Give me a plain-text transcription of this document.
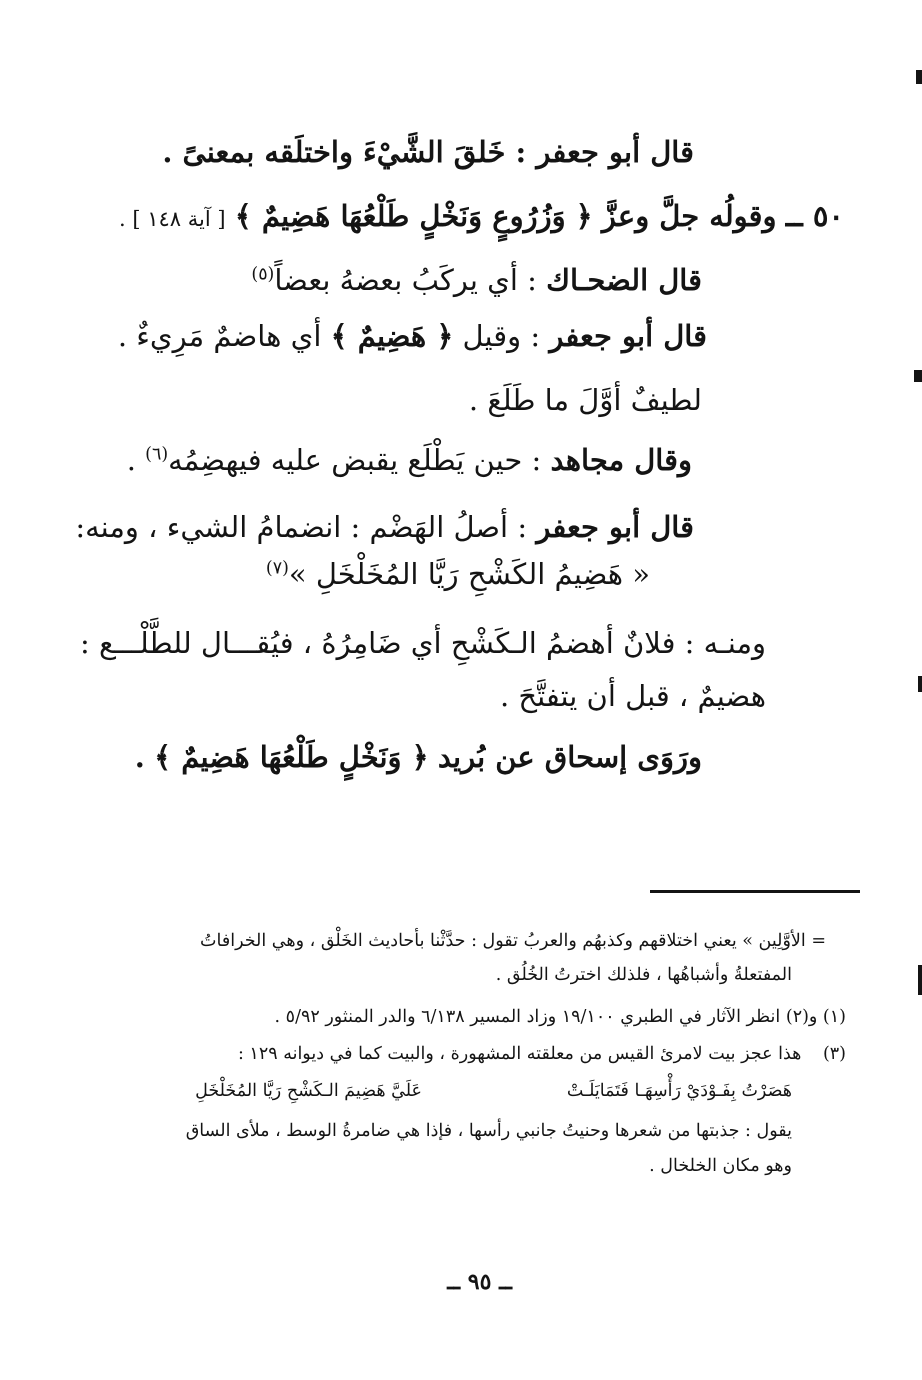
قال أبو جعفر : خَلقَ الشَّيْءَ واختلَقه بمعنىً .
٥٠ ــ وقولُه جلَّ وعزَّ ﴿ وَزُرُوعٍ وَنَخْلٍ طَلْعُهَا هَضِيمٌ ﴾ [ آية ١٤٨ ] .
قال الضحـاك : أي يركَبُ بعضهُ بعضاً$^{(٥)}$
قال أبو جعفر : وقيل ﴿ هَضِيمٌ ﴾ أي هاضمٌ مَرِيءٌ .
لطيفٌ أوَّلَ ما طَلَعَ .
وقال مجاهد : حين يَطْلَع يقبض عليه فيهضِمُه$^{(٦)}$ .
قال أبو جعفر : أصلُ الهَضْم : انضمامُ الشيء ، ومنه:
« هَضِيمُ الكَشْحِ رَيَّا المُخَلْخَلِ »$^{(٧)}$
ومنـه : فلانٌ أهضمُ الـكَشْحِ أي ضَامِرُهُ ، فيُقـــال للطَّلْـــع :
هضيمٌ ، قبل أن يتفتَّحَ .
ورَوَى إسحاق عن بُريد ﴿ وَنَخْلٍ طَلْعُهَا هَضِيمٌ ﴾ .
= الأوَّلِين » يعني اختلاقهم وكذبهُم والعربُ تقول : حدَّثْنا بأحاديث الخَلْق ، وهي الخرافاتُ
المفتعلةُ وأشباهُها ، فلذلك اخترتُ الخُلُق .
(١) و(٢) انظر الآثار في الطبري ١٩/١٠٠ وزاد المسير ٦/١٣٨ والدر المنثور ٥/٩٢ .
(٣) هذا عجز بيت لامرئ القيس من معلقته المشهورة ، والبيت كما في ديوانه ١٢٩ :
هَصَرْتُ بِفَـوْدَيْ رَأْسِهَـا فَتَمَايَلَـتْ
عَلَيَّ هَضِيمَ الـكَشْحِ رَيَّا المُخَلْخَلِ
يقول : جذبتها من شعرها وحنيتُ جانبي رأسها ، فإذا هي ضامرةُ الوسط ، ملأى الساق
وهو مكان الخلخال .
ــ ٩٥ ــ
